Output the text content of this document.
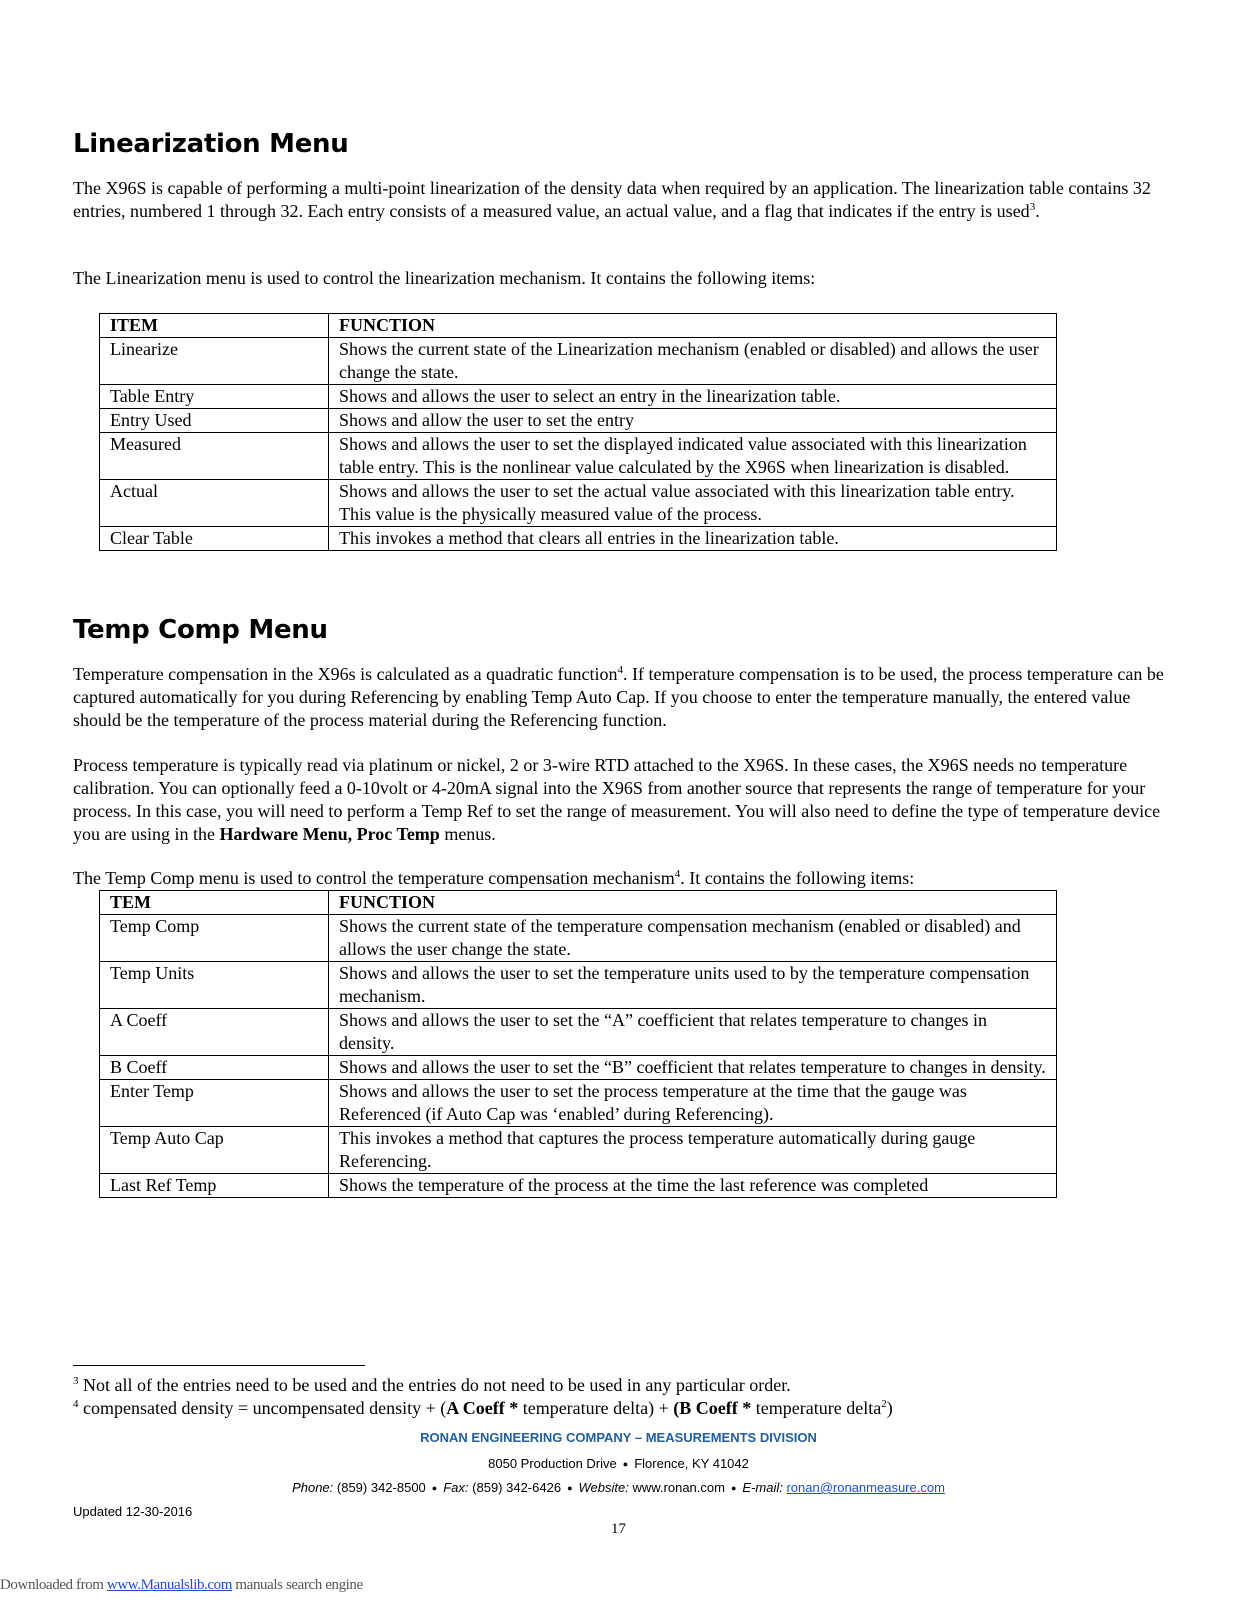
Linearization Menu

The X96S is capable of performing a multi-point linearization of the density data when required by an application. The linearization table contains 32 entries, numbered 1 through 32. Each entry consists of a measured value, an actual value, and a flag that indicates if the entry is used$^3$.

The Linearization menu is used to control the linearization mechanism. It contains the following items:

ITEM	FUNCTION
Linearize	Shows the current state of the Linearization mechanism (enabled or disabled) and allows the user change the state.
Table Entry	Shows and allows the user to select an entry in the linearization table.
Entry Used	Shows and allow the user to set the entry
Measured	Shows and allows the user to set the displayed indicated value associated with this linearization table entry. This is the nonlinear value calculated by the X96S when linearization is disabled.
Actual	Shows and allows the user to set the actual value associated with this linearization table entry. This value is the physically measured value of the process.
Clear Table	This invokes a method that clears all entries in the linearization table.
Temp Comp Menu

Temperature compensation in the X96s is calculated as a quadratic function$^4$. If temperature compensation is to be used, the process temperature can be captured automatically for you during Referencing by enabling Temp Auto Cap. If you choose to enter the temperature manually, the entered value should be the temperature of the process material during the Referencing function.

Process temperature is typically read via platinum or nickel, 2 or 3-wire RTD attached to the X96S. In these cases, the X96S needs no temperature calibration. You can optionally feed a 0-10volt or 4-20mA signal into the X96S from another source that represents the range of temperature for your process. In this case, you will need to perform a Temp Ref to set the range of measurement. You will also need to define the type of temperature device you are using in the Hardware Menu, Proc Temp menus.

The Temp Comp menu is used to control the temperature compensation mechanism$^4$. It contains the following items:

TEM	FUNCTION
Temp Comp	Shows the current state of the temperature compensation mechanism (enabled or disabled) and allows the user change the state.
Temp Units	Shows and allows the user to set the temperature units used to by the temperature compensation mechanism.
A Coeff	Shows and allows the user to set the “A” coefficient that relates temperature to changes in density.
B Coeff	Shows and allows the user to set the “B” coefficient that relates temperature to changes in density.
Enter Temp	Shows and allows the user to set the process temperature at the time that the gauge was Referenced (if Auto Cap was ‘enabled’ during Referencing).
Temp Auto Cap	This invokes a method that captures the process temperature automatically during gauge Referencing.
Last Ref Temp	Shows the temperature of the process at the time the last reference was completed

$^3$ Not all of the entries need to be used and the entries do not need to be used in any particular order.

$^4$ compensated density = uncompensated density + (A Coeff * temperature delta) + (B Coeff * temperature delta$^2$)

RONAN ENGINEERING COMPANY – MEASUREMENTS DIVISION
8050 Production Drive ● Florence, KY 41042
Phone: (859) 342-8500 ● Fax: (859) 342-6426 ● Website: www.ronan.com ● E-mail: ronan@ronanmeasure.com
Updated 12-30-2016
17
Downloaded from www.Manualslib.com manuals search engine
